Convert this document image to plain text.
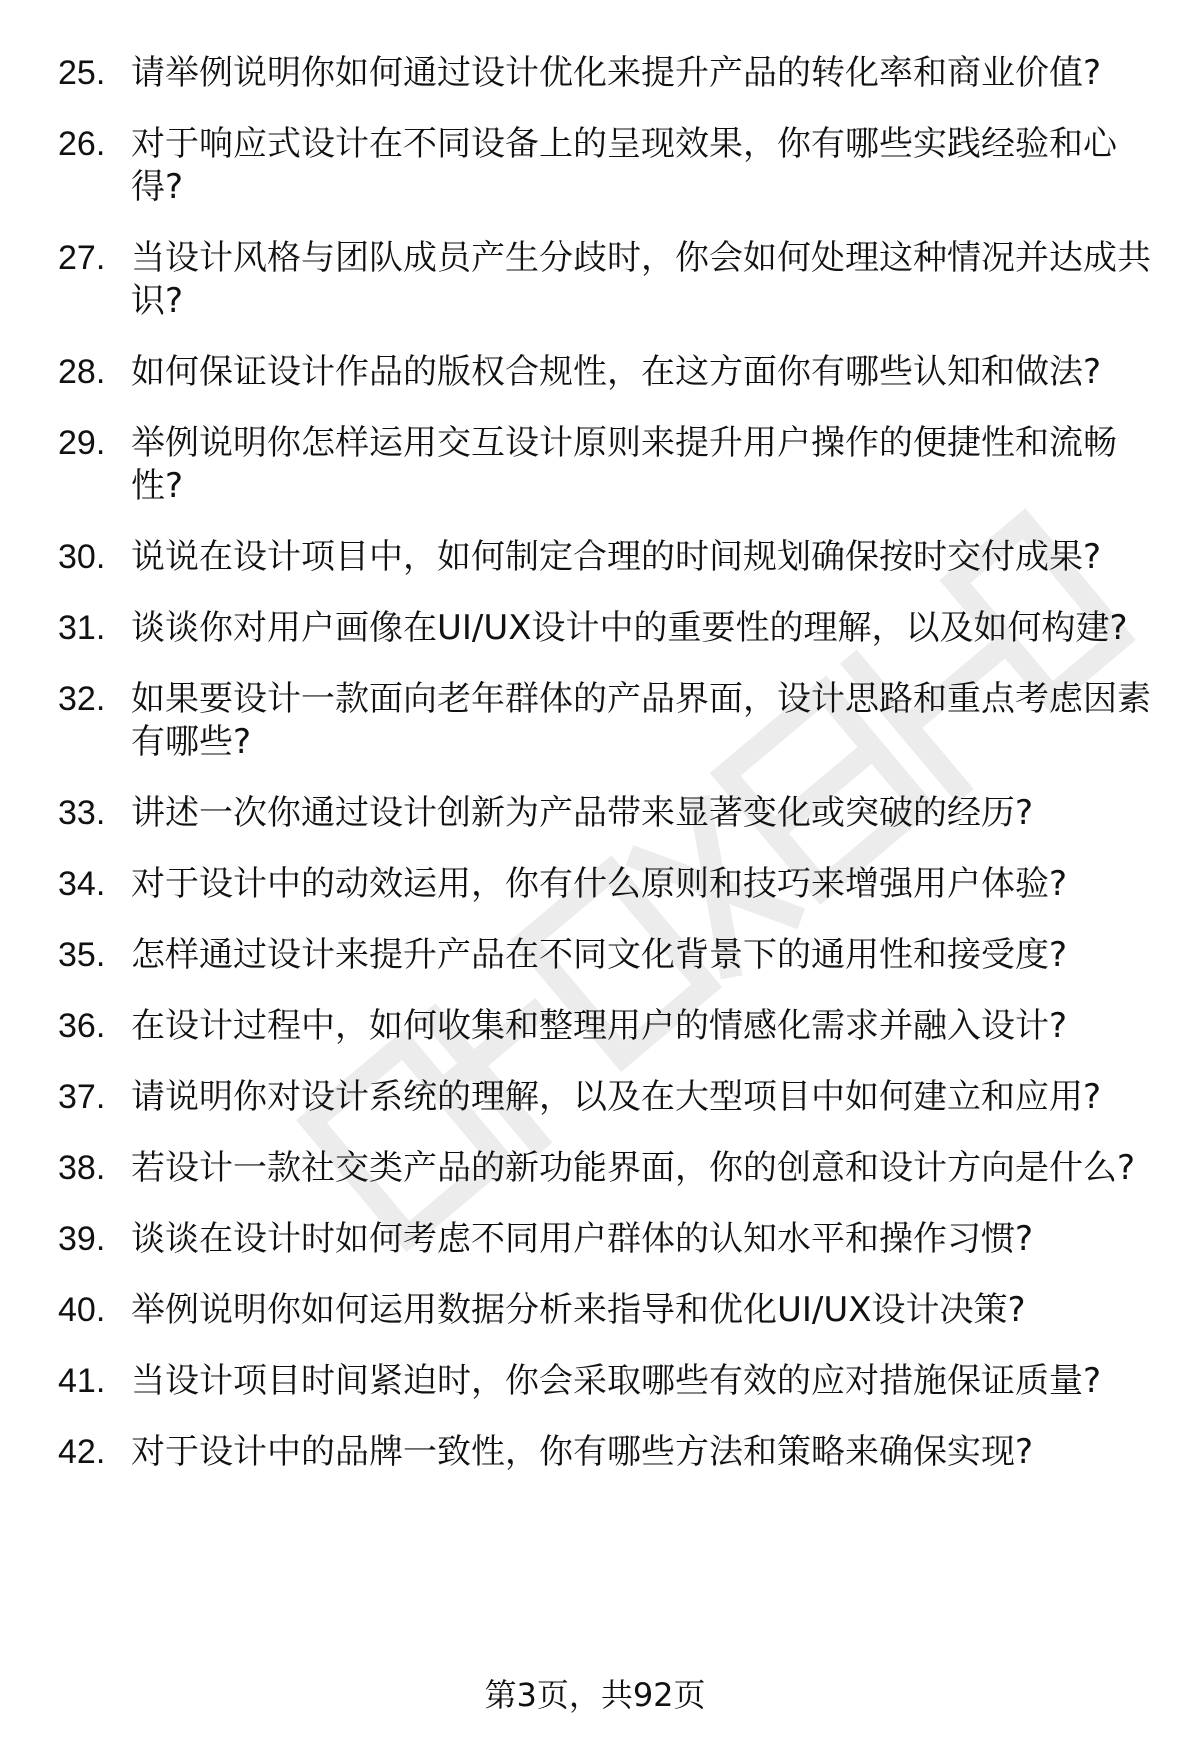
25. 请举例说明你如何通过设计优化来提升产品的转化率和商业价值?
26. 对于响应式设计在不同设备上的呈现效果，你有哪些实践经验和心得?
27. 当设计风格与团队成员产生分歧时，你会如何处理这种情况并达成共识?
28. 如何保证设计作品的版权合规性，在这方面你有哪些认知和做法?
29. 举例说明你怎样运用交互设计原则来提升用户操作的便捷性和流畅性?
30. 说说在设计项目中，如何制定合理的时间规划确保按时交付成果?
31. 谈谈你对用户画像在UI/UX设计中的重要性的理解，以及如何构建?
32. 如果要设计一款面向老年群体的产品界面，设计思路和重点考虑因素有哪些?
33. 讲述一次你通过设计创新为产品带来显著变化或突破的经历?
34. 对于设计中的动效运用，你有什么原则和技巧来增强用户体验?
35. 怎样通过设计来提升产品在不同文化背景下的通用性和接受度?
36. 在设计过程中，如何收集和整理用户的情感化需求并融入设计?
37. 请说明你对设计系统的理解，以及在大型项目中如何建立和应用?
38. 若设计一款社交类产品的新功能界面，你的创意和设计方向是什么?
39. 谈谈在设计时如何考虑不同用户群体的认知水平和操作习惯?
40. 举例说明你如何运用数据分析来指导和优化UI/UX设计决策?
41. 当设计项目时间紧迫时，你会采取哪些有效的应对措施保证质量?
42. 对于设计中的品牌一致性，你有哪些方法和策略来确保实现?
第3页，共92页
